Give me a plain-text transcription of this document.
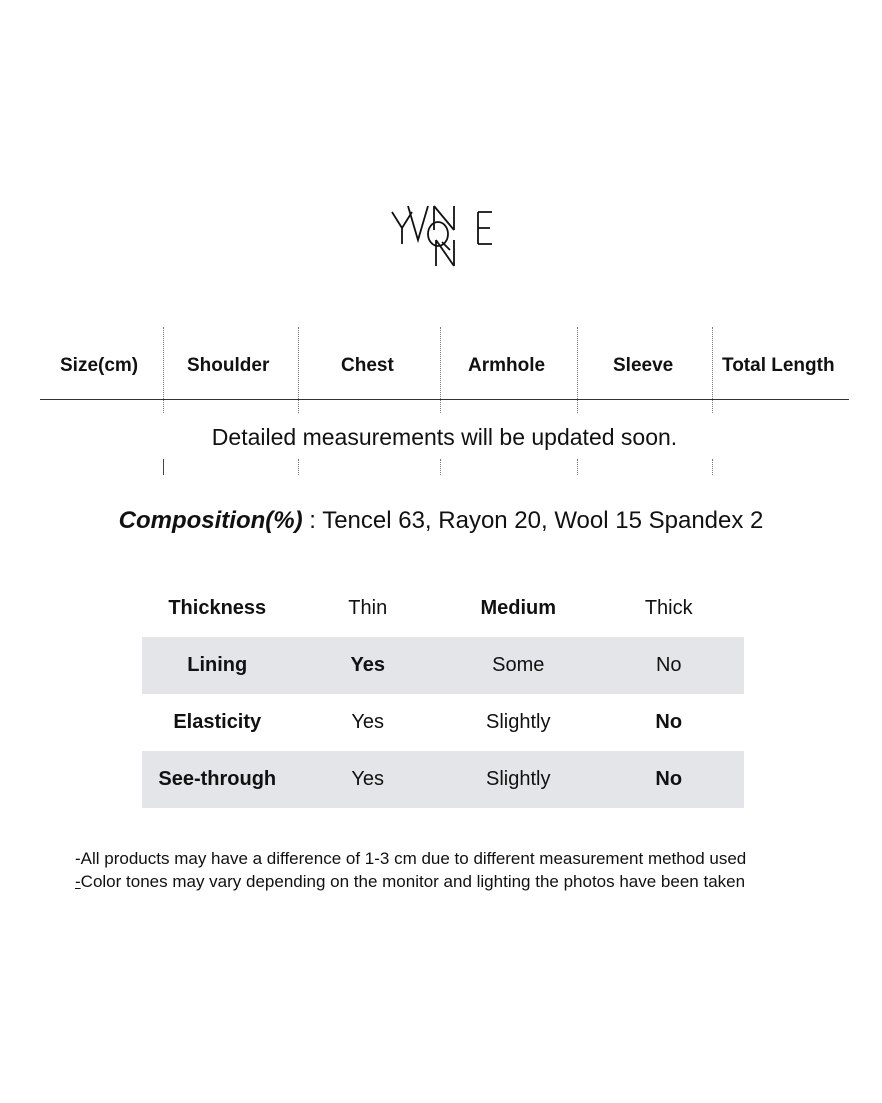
YVONNE
Size(cm)	Shoulder	Chest	Armhole	Sleeve	Total Length
Detailed measurements will be updated soon.
Composition(%) : Tencel 63, Rayon 20, Wool 15 Spandex 2
Thickness	Thin	Medium	Thick
Lining	Yes	Some	No
Elasticity	Yes	Slightly	No
See-through	Yes	Slightly	No
-All products may have a difference of 1-3 cm due to different measurement method used
-Color tones may vary depending on the monitor and lighting the photos have been taken
